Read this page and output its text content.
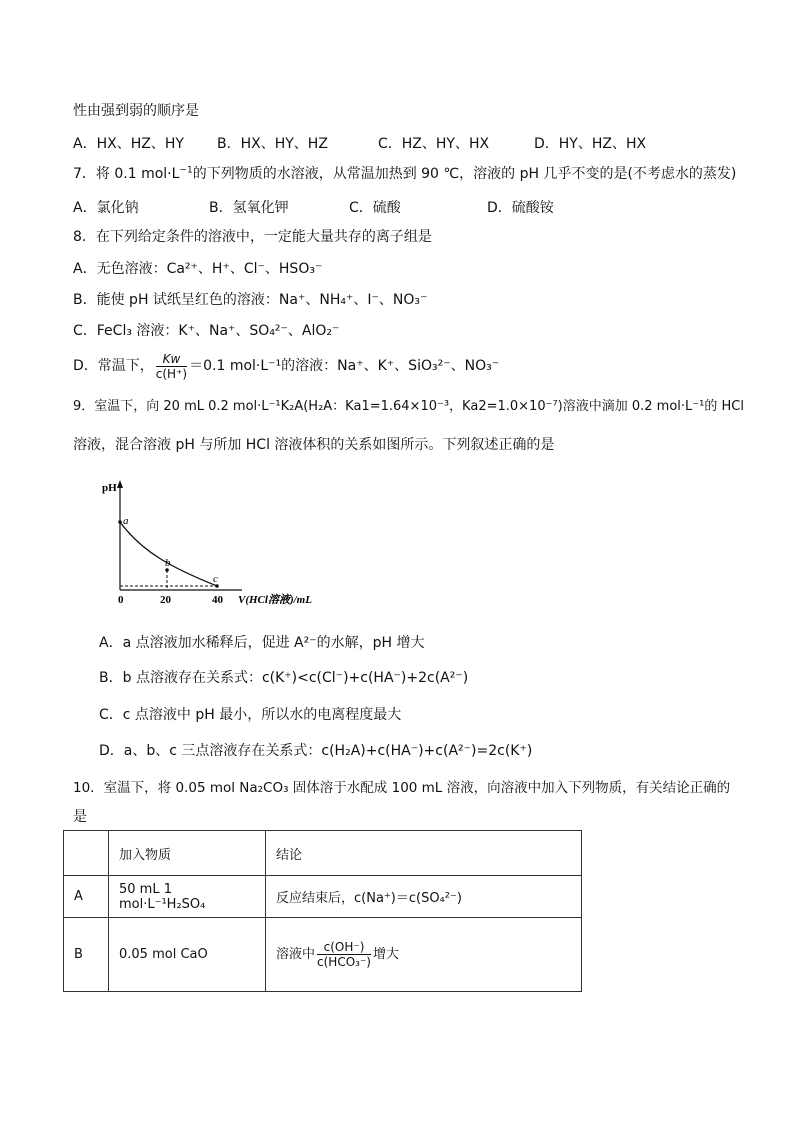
性由强到弱的顺序是
A．HX、HZ、HY B．HX、HY、HZ	C．HZ、HY、HX	D．HY、HZ、HX
7．将 0.1 $mol\cdot L^{-1}$的下列物质的水溶液，从常温加热到 90 ℃，溶液的 pH 几乎不变的是(不考虑水的蒸发)
A．氯化钠	B．氢氧化钾	C．硫酸	D．硫酸铵
8．在下列给定条件的溶液中，一定能大量共存的离子组是
A．无色溶液：Ca²⁺、H⁺、Cl⁻、HSO₃⁻
B．能使 pH 试纸呈红色的溶液：Na⁺、NH₄⁺、I⁻、NO₃⁻
C．FeCl₃ 溶液：K⁺、Na⁺、SO₄²⁻、AlO₂⁻
D．常温下， $\frac{Kw}{c(H^+)} =0.1$ mol·L⁻¹的溶液：Na⁺、K⁺、SiO₃²⁻、NO₃⁻
9．室温下，向 20 mL 0.2 mol·L⁻¹K₂A(H₂A：Ka1=1.64×10⁻³，Ka2=1.0×10⁻⁷)溶液中滴加 0.2 mol·L⁻¹的 HCl
溶液，混合溶液 pH 与所加 HCl 溶液体积的关系如图所示。下列叙述正确的是
pH
0	20	40 V(HCl溶液)/mL
a
b
c
A．a 点溶液加水稀释后，促进 A²⁻的水解，pH 增大
B．b 点溶液存在关系式：c(K⁺)<c(Cl⁻)+c(HA⁻)+2c(A²⁻)
C．c 点溶液中 pH 最小，所以水的电离程度最大
D．a、b、c 三点溶液存在关系式：c(H₂A)+c(HA⁻)+c(A²⁻)=2c(K⁺)
10．室温下，将 0.05 mol Na₂CO₃ 固体溶于水配成 100 mL 溶液，向溶液中加入下列物质，有关结论正确的
是
	加入物质	结论
A	50 mL 1 mol·L⁻¹H₂SO₄	反应结束后，c(Na⁺)＝c(SO₄²⁻)
B	0.05 mol CaO	溶液中 $\frac{c(OH^-)}{\text{c(HCO₃⁻)}}$ 增大
